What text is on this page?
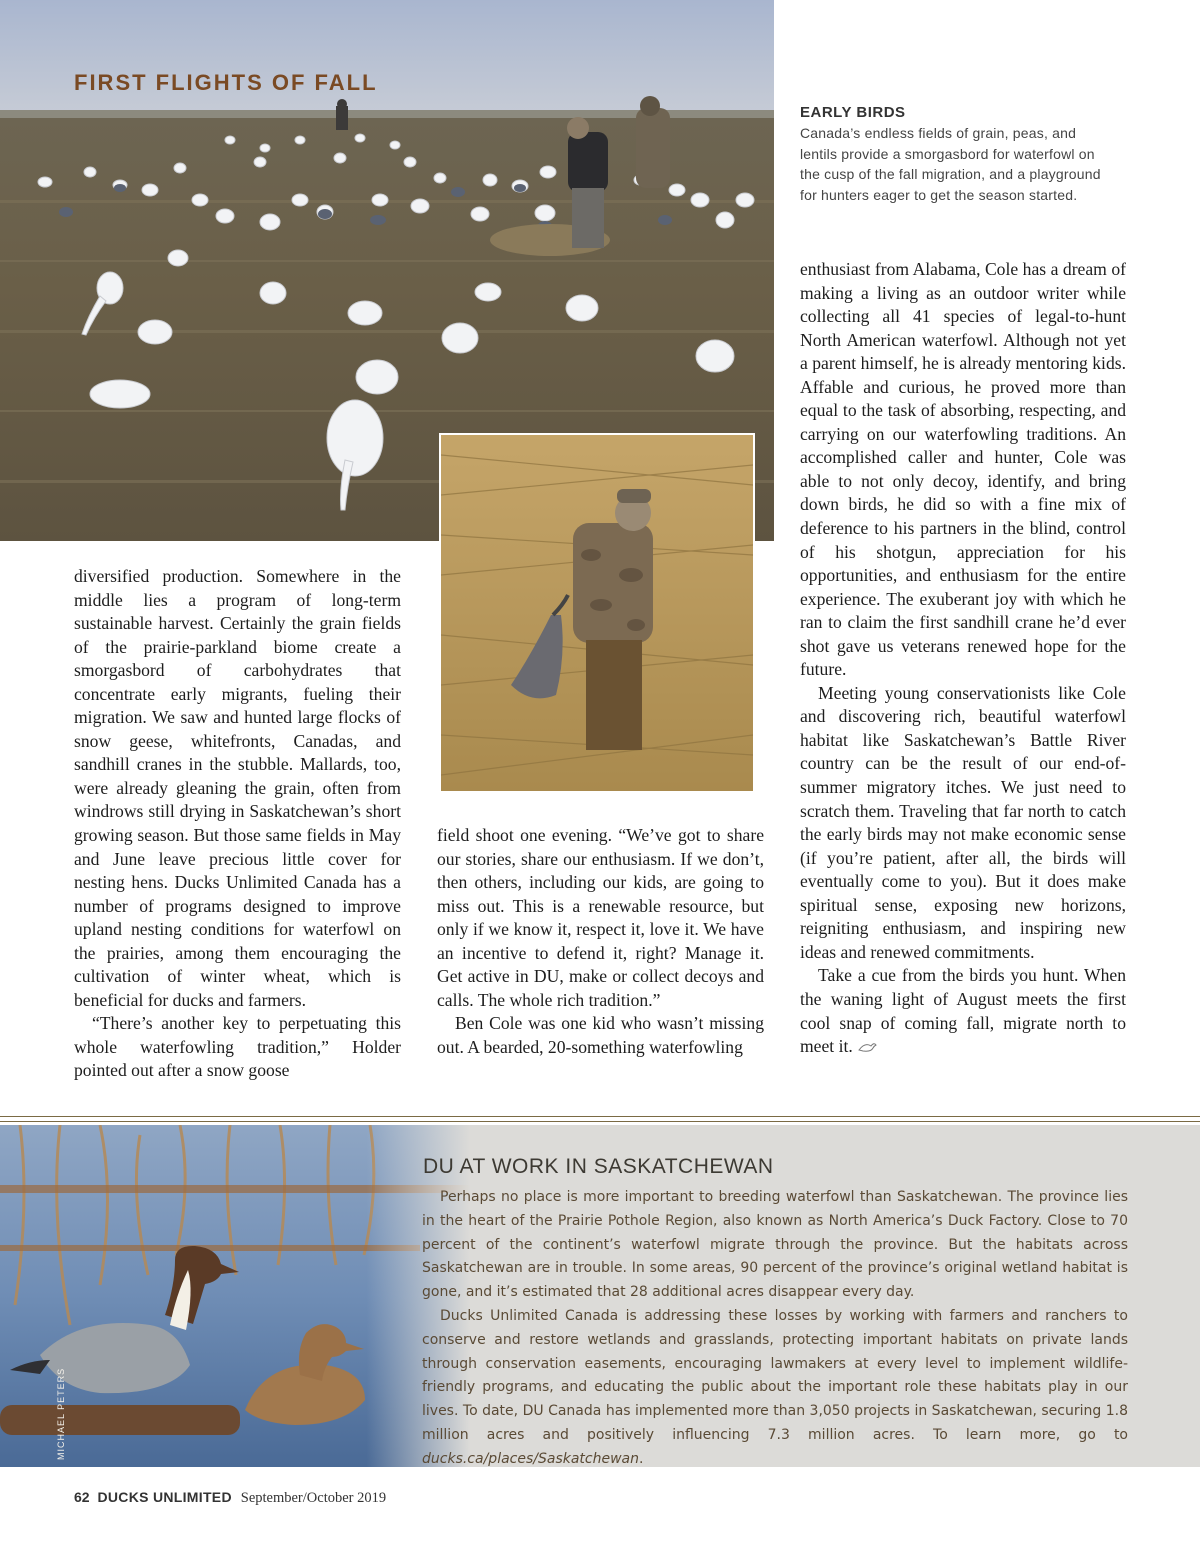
FIRST FLIGHTS OF FALL
EARLY BIRDS
Canada’s endless fields of grain, peas, and lentils provide a smorgasbord for waterfowl on the cusp of the fall migration, and a playground for hunters eager to get the season started.

diversified production. Somewhere in the middle lies a program of long-term sustainable harvest. Certainly the grain fields of the prairie-parkland biome create a smorgasbord of carbohydrates that concentrate early migrants, fueling their migration. We saw and hunted large flocks of snow geese, whitefronts, Canadas, and sandhill cranes in the stubble. Mallards, too, were already gleaning the grain, often from windrows still drying in Saskatchewan’s short growing season. But those same fields in May and June leave precious little cover for nesting hens. Ducks Unlimited Canada has a number of programs designed to improve upland nesting conditions for waterfowl on the prairies, among them encouraging the cultivation of winter wheat, which is beneficial for ducks and farmers.

“There’s another key to perpetuating this whole waterfowling tradition,” Holder pointed out after a snow goose

field shoot one evening. “We’ve got to share our stories, share our enthusiasm. If we don’t, then others, including our kids, are going to miss out. This is a renewable resource, but only if we know it, respect it, love it. We have an incentive to defend it, right? Manage it. Get active in DU, make or collect decoys and calls. The whole rich tradition.”

Ben Cole was one kid who wasn’t missing out. A bearded, 20-something waterfowling

enthusiast from Alabama, Cole has a dream of making a living as an outdoor writer while collecting all 41 species of legal-to-hunt North American waterfowl. Although not yet a parent himself, he is already mentoring kids. Affable and curious, he proved more than equal to the task of absorbing, respecting, and carrying on our waterfowling traditions. An accomplished caller and hunter, Cole was able to not only decoy, identify, and bring down birds, he did so with a fine mix of deference to his partners in the blind, control of his shotgun, appreciation for his opportunities, and enthusiasm for the entire experience. The exuberant joy with which he ran to claim the first sandhill crane he’d ever shot gave us veterans renewed hope for the future.

Meeting young conservationists like Cole and discovering rich, beautiful waterfowl habitat like Saskatchewan’s Battle River country can be the result of our end-of-summer migratory itches. We just need to scratch them. Traveling that far north to catch the early birds may not make economic sense (if you’re patient, after all, the birds will eventually come to you). But it does make spiritual sense, exposing new horizons, reigniting enthusiasm, and inspiring new ideas and renewed commitments.

Take a cue from the birds you hunt. When the waning light of August meets the first cool snap of coming fall, migrate north to meet it.

MICHAEL PETERS
DU AT WORK IN SASKATCHEWAN

Perhaps no place is more important to breeding waterfowl than Saskatchewan. The province lies in the heart of the Prairie Pothole Region, also known as North America’s Duck Factory. Close to 70 percent of the continent’s waterfowl migrate through the province. But the habitats across Saskatchewan are in trouble. In some areas, 90 percent of the province’s original wetland habitat is gone, and it’s estimated that 28 additional acres disappear every day.

Ducks Unlimited Canada is addressing these losses by working with farmers and ranchers to conserve and restore wetlands and grasslands, protecting important habitats on private lands through conservation easements, encouraging lawmakers at every level to implement wildlife-friendly programs, and educating the public about the important role these habitats play in our lives. To date, DU Canada has implemented more than 3,050 projects in Saskatchewan, securing 1.8 million acres and positively influencing 7.3 million acres. To learn more, go to ducks.ca/places/Saskatchewan.

62 DUCKS UNLIMITED September/October 2019
